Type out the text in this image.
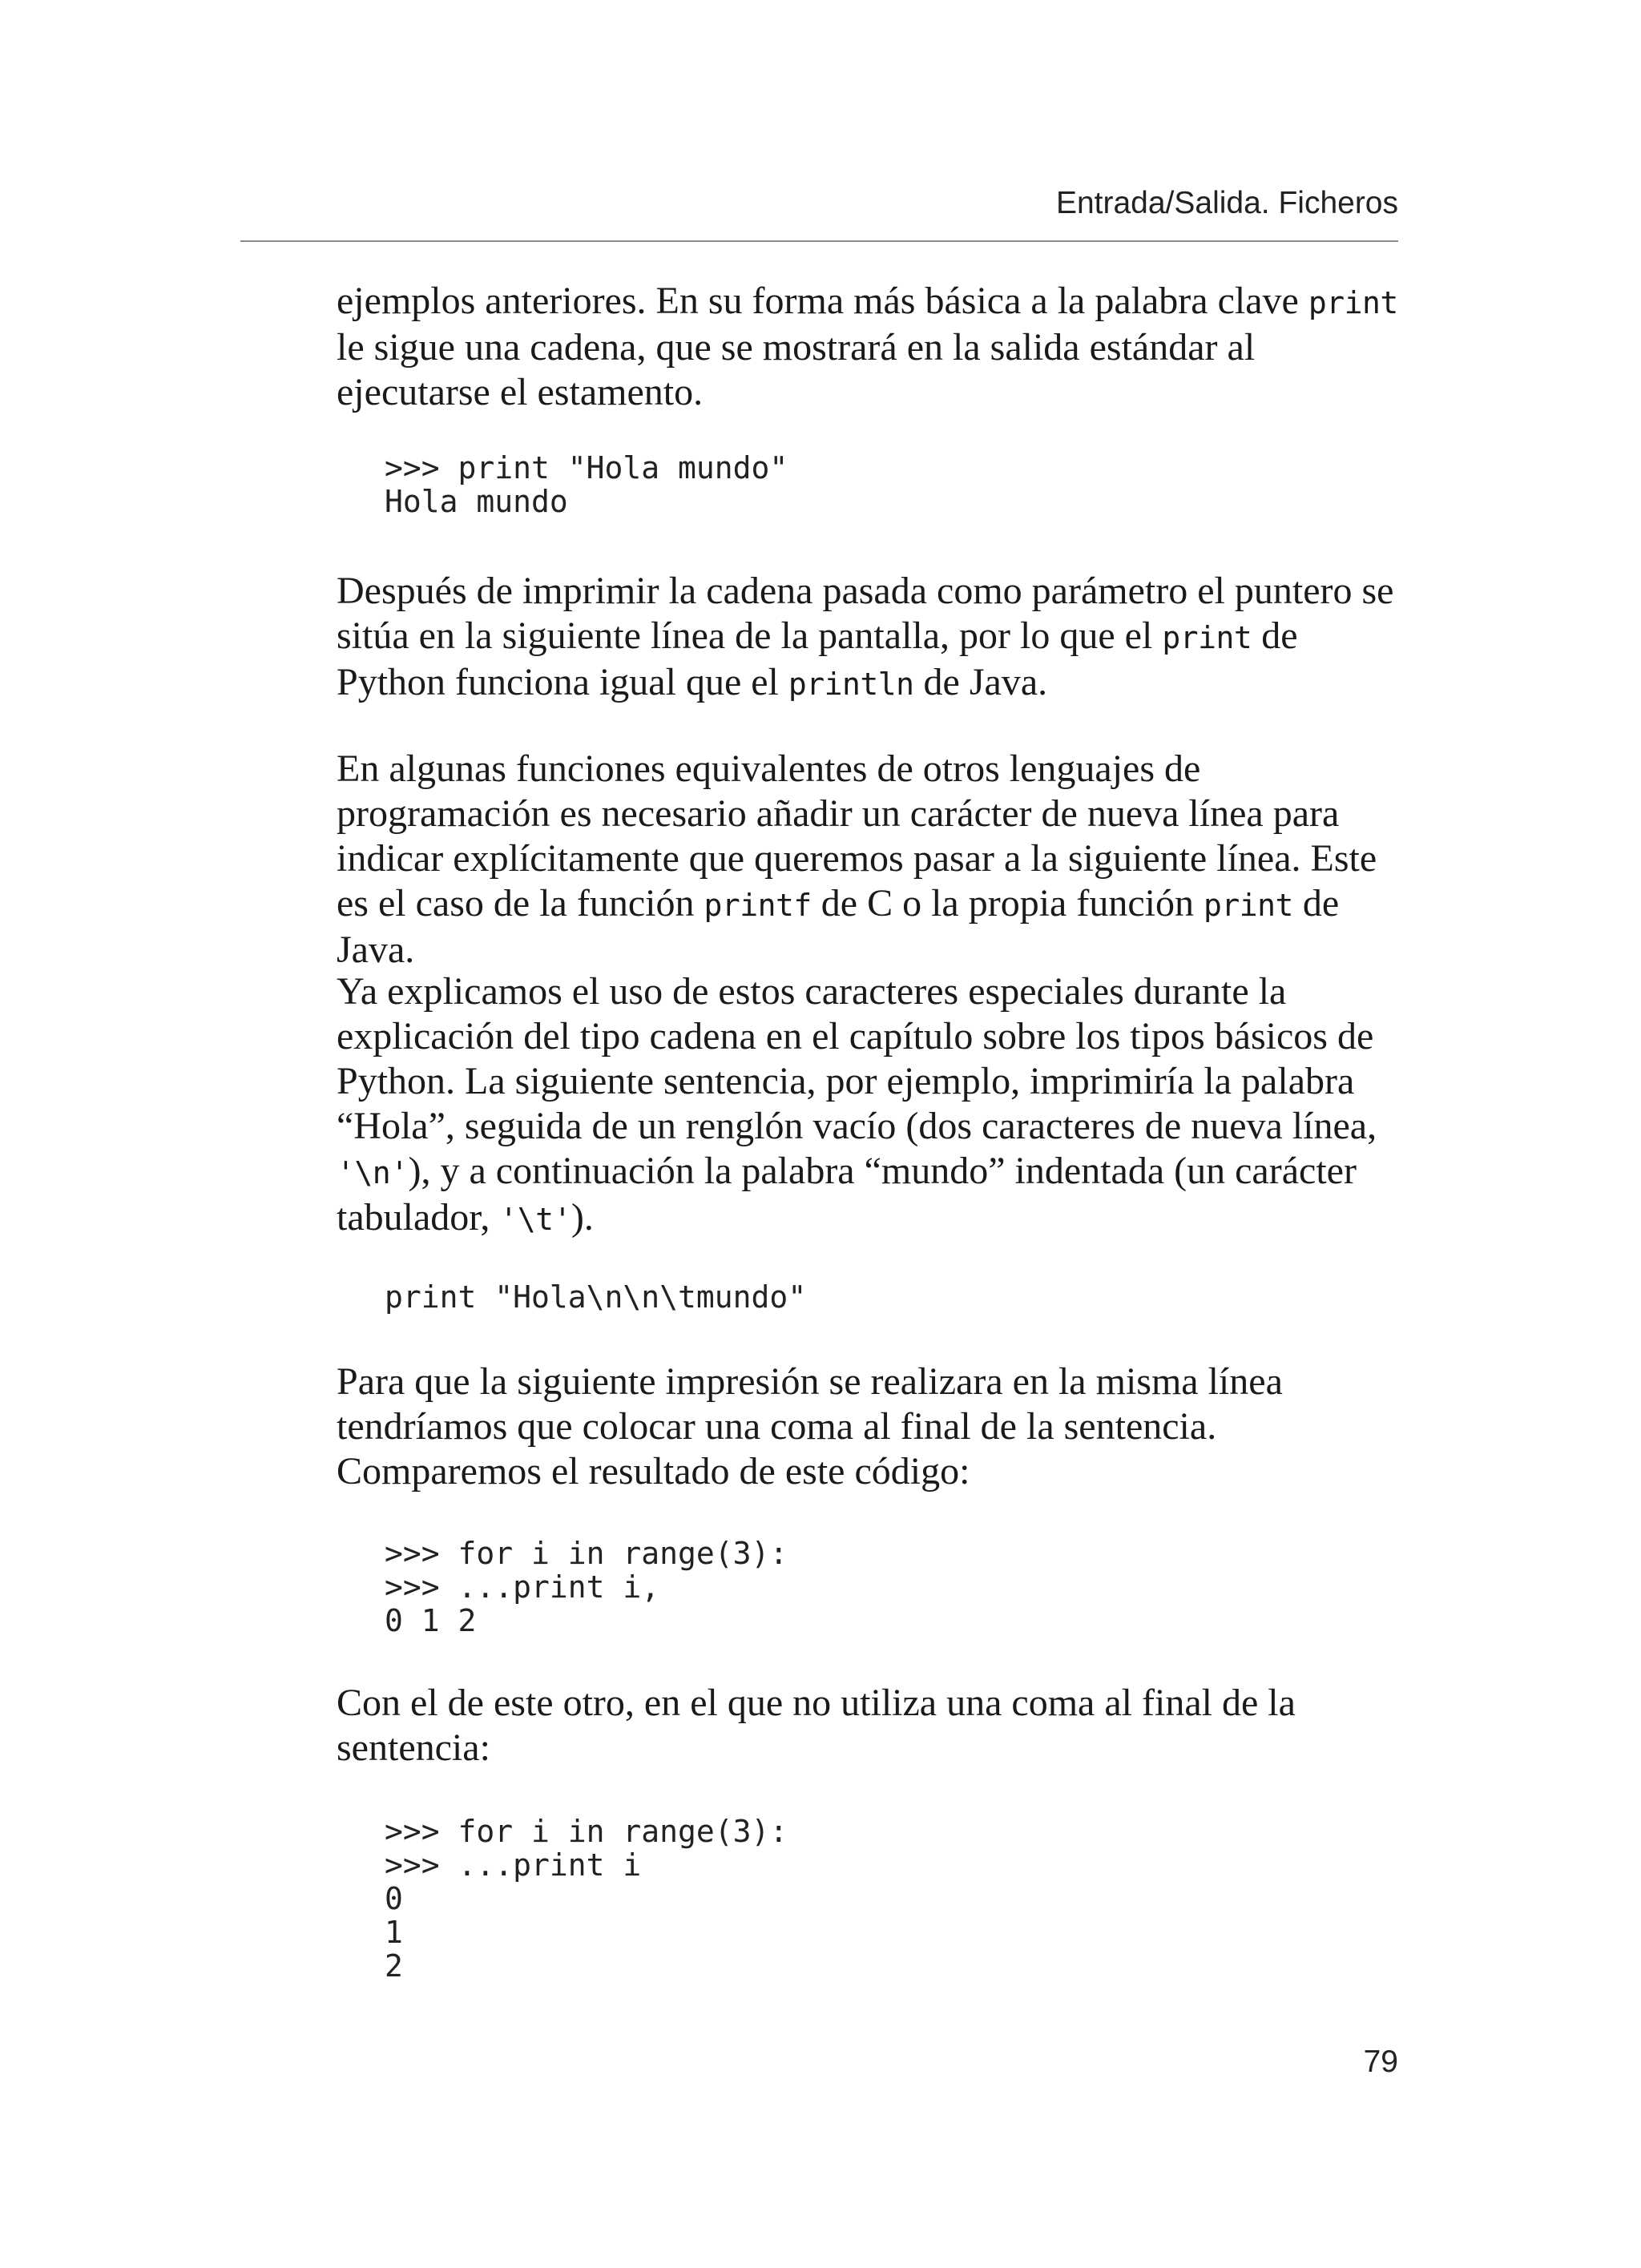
Entrada/Salida. Ficheros

ejemplos anteriores. En su forma más básica a la palabra clave print le sigue una cadena, que se mostrará en la salida estándar al ejecutarse el estamento.

>>> print "Hola mundo"
Hola mundo

Después de imprimir la cadena pasada como parámetro el puntero se sitúa en la siguiente línea de la pantalla, por lo que el print de Python funciona igual que el println de Java.

En algunas funciones equivalentes de otros lenguajes de programación es necesario añadir un carácter de nueva línea para indicar explícitamente que queremos pasar a la siguiente línea. Este es el caso de la función printf de C o la propia función print de Java.

Ya explicamos el uso de estos caracteres especiales durante la explicación del tipo cadena en el capítulo sobre los tipos básicos de Python. La siguiente sentencia, por ejemplo, imprimiría la palabra “Hola”, seguida de un renglón vacío (dos caracteres de nueva línea, '\n'), y a continuación la palabra “mundo” indentada (un carácter tabulador, '\t').

print "Hola\n\n\tmundo"

Para que la siguiente impresión se realizara en la misma línea tendríamos que colocar una coma al final de la sentencia. Comparemos el resultado de este código:

>>> for i in range(3):
>>> ...print i,
0 1 2

Con el de este otro, en el que no utiliza una coma al final de la sentencia:

>>> for i in range(3):
>>> ...print i
0
1
2
79
